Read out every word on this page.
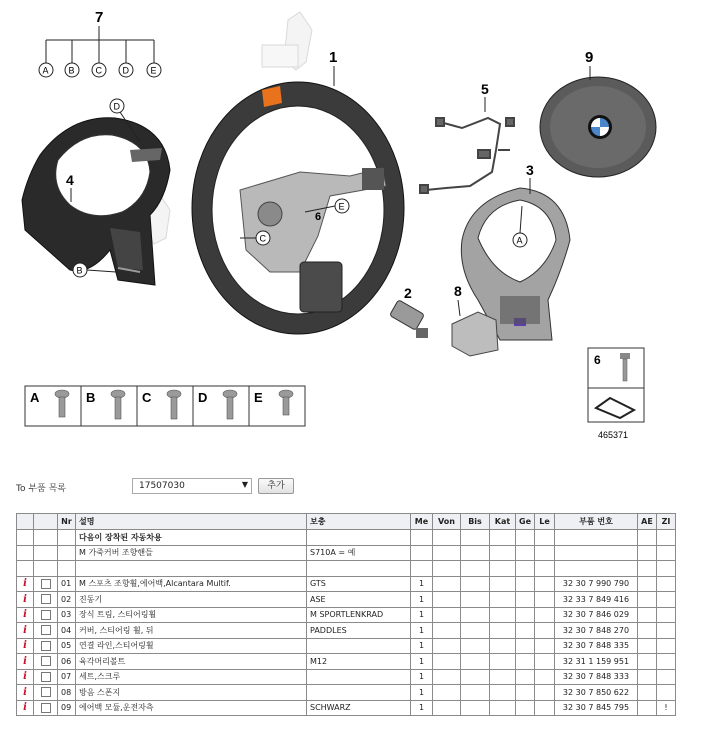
7
A B C D E
4
D
B
1
C
6
E
5
9
3
A
2	8
6
465371
A	B	C	D	E
To 부품 목록	17507030	▼	추가
		Nr	설명	보충	Me	Von	Bis	Kat	Ge	Le	부품 번호	AE	ZI
			다음이 장착된 자동차용										
			M 가죽커버 조향핸들	S710A = 예									

i		01	M 스포츠 조향휠,에어백,Alcantara Multif.	GTS	1						32 30 7 990 790		
i		02	진동기	ASE	1						32 33 7 849 416		
i		03	장식 트림, 스티어링휠	M SPORTLENKRAD	1						32 30 7 846 029		
i		04	커버, 스티어링 휠, 뒤	PADDLES	1						32 30 7 848 270		
i		05	연결 라인,스티어링휠		1						32 30 7 848 335		
i		06	육각머리볼트	M12	1						32 31 1 159 951		
i		07	세트,스크루		1						32 30 7 848 333		
i		08	방음 스폰지		1						32 30 7 850 622		
i		09	에어백 모듈,운전자측	SCHWARZ	1						32 30 7 845 795		!
